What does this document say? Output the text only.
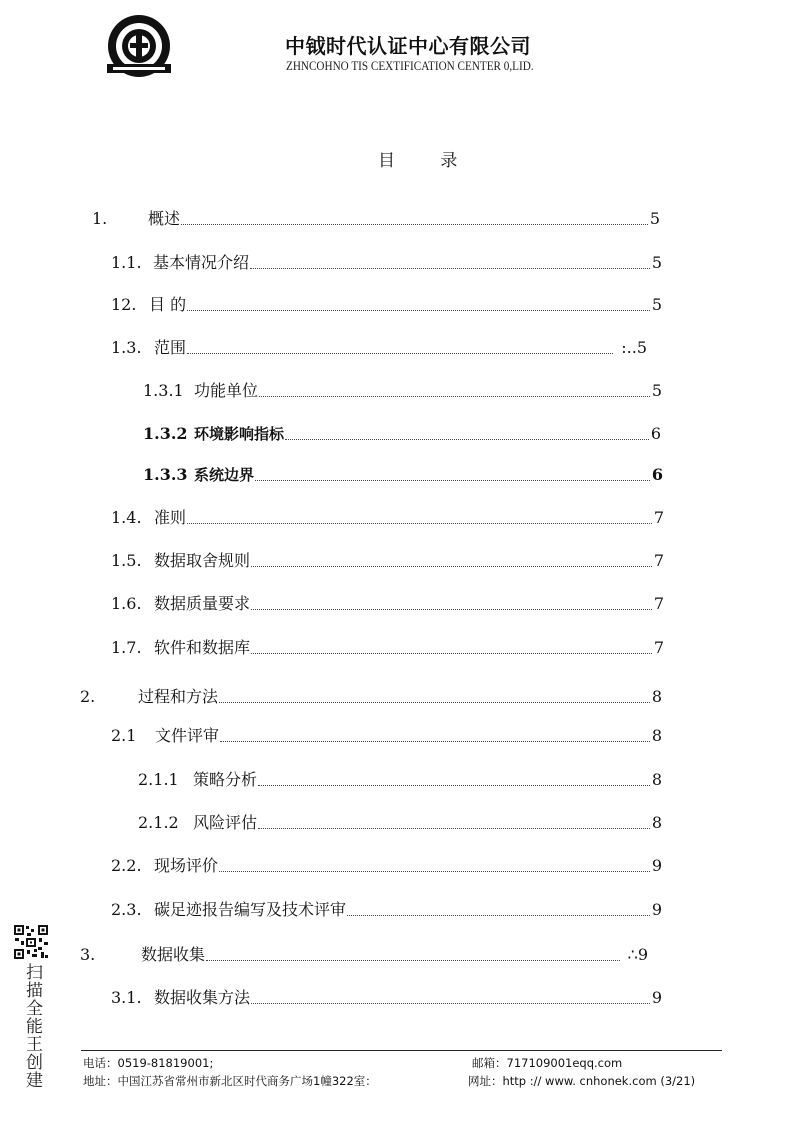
中钺时代认证中心有限公司
ZHNCOHNO TIS CEXTIFICATION CENTER 0,LID.
目 录
1.	概述	5
1.1. 基本情况介绍	5
12. 目 的	5
1.3. 范围	:..5
1.3.1 功能单位	5
1.3.2 环境影响指标	6
1.3.3 系统边界	6
1.4. 准则	7
1.5. 数据取舍规则	7
1.6. 数据质量要求	7
1.7. 软件和数据库	7
2.	过程和方法	8
2.1	文件评审	8
2.1.1 策略分析	8
2.1.2 风险评估	8
2.2. 现场评价	9
2.3. 碳足迹报告编写及技术评审	9
3.	数据收集	∴9
3.1. 数据收集方法	9
扫描全能王创建	电话：0519-81819001;
地址：中国江苏省常州市新北区时代商务广场1幢322室：
邮箱：717109001eqq.com
网址：http :// www. cnhonek.com (3/21)
